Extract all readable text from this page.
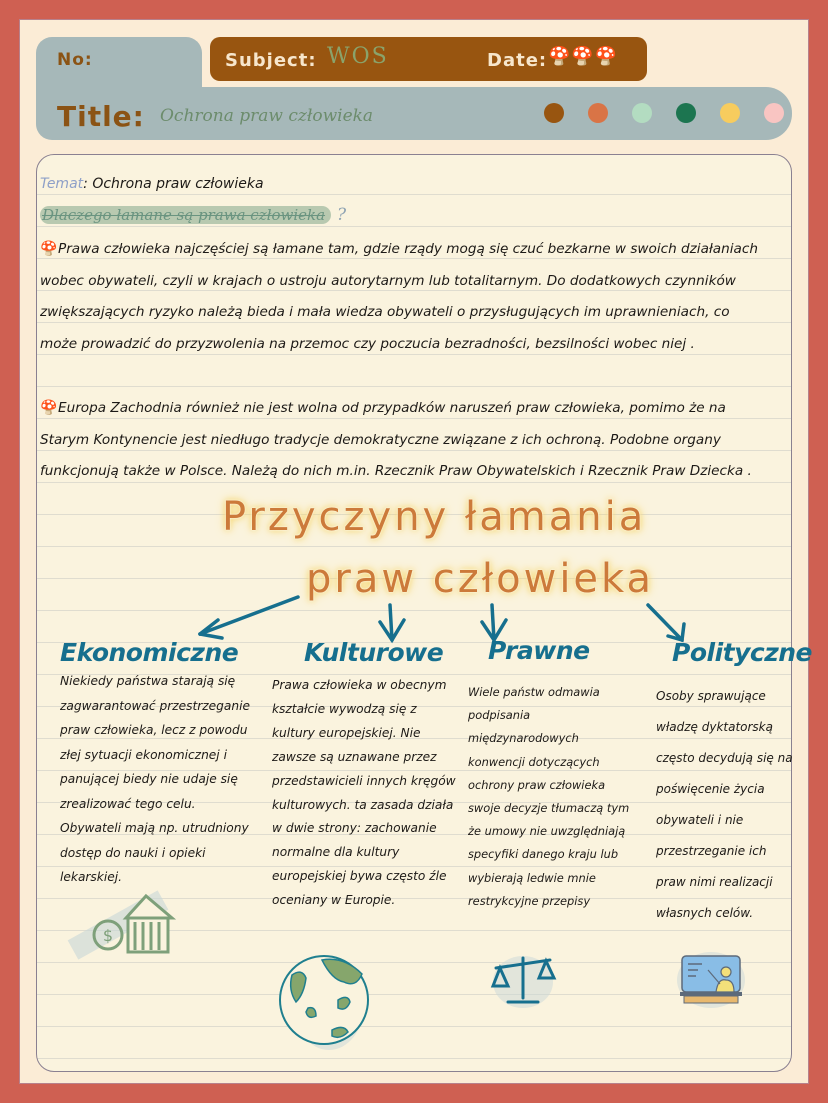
No:	Subject: WOS	Date: 🍄🍄🍄
Title: Ochrona praw człowieka
Temat: Ochrona praw człowieka
Dlaczego łamane są prawa człowieka ?
🍄Prawa człowieka najczęściej są łamane tam, gdzie rządy mogą się czuć bezkarne w swoich działaniach wobec obywateli, czyli w krajach o ustroju autorytarnym lub totalitarnym. Do dodatkowych czynników zwiększających ryzyko należą bieda i mała wiedza obywateli o przysługujących im uprawnieniach, co może prowadzić do przyzwolenia na przemoc czy poczucia bezradności, bezsilności wobec niej .
🍄Europa Zachodnia również nie jest wolna od przypadków naruszeń praw człowieka, pomimo że na Starym Kontynencie jest niedługo tradycje demokratyczne związane z ich ochroną. Podobne organy funkcjonują także w Polsce. Należą do nich m.in. Rzecznik Praw Obywatelskich i Rzecznik Praw Dziecka .
Przyczyny łamania
praw człowieka
Ekonomiczne	Kulturowe Prawne	Polityczne
Niekiedy państwa starają się zagwarantować przestrzeganie praw człowieka, lecz z powodu złej sytuacji ekonomicznej i panującej biedy nie udaje się zrealizować tego celu. Obywateli mają np. utrudniony dostęp do nauki i opieki lekarskiej.
Prawa człowieka w obecnym kształcie wywodzą się z kultury europejskiej. Nie zawsze są uznawane przez przedstawicieli innych kręgów kulturowych. ta zasada działa w dwie strony: zachowanie normalne dla kultury europejskiej bywa często źle oceniany w Europie.
Wiele państw odmawia podpisania międzynarodowych konwencji dotyczących ochrony praw człowieka swoje decyzje tłumaczą tym że umowy nie uwzględniają specyfiki danego kraju lub wybierają ledwie mnie restrykcyjne przepisy
Osoby sprawujące władzę dyktatorską często decydują się na poświęcenie życia obywateli i nie przestrzeganie ich praw nimi realizacji własnych celów.
$
